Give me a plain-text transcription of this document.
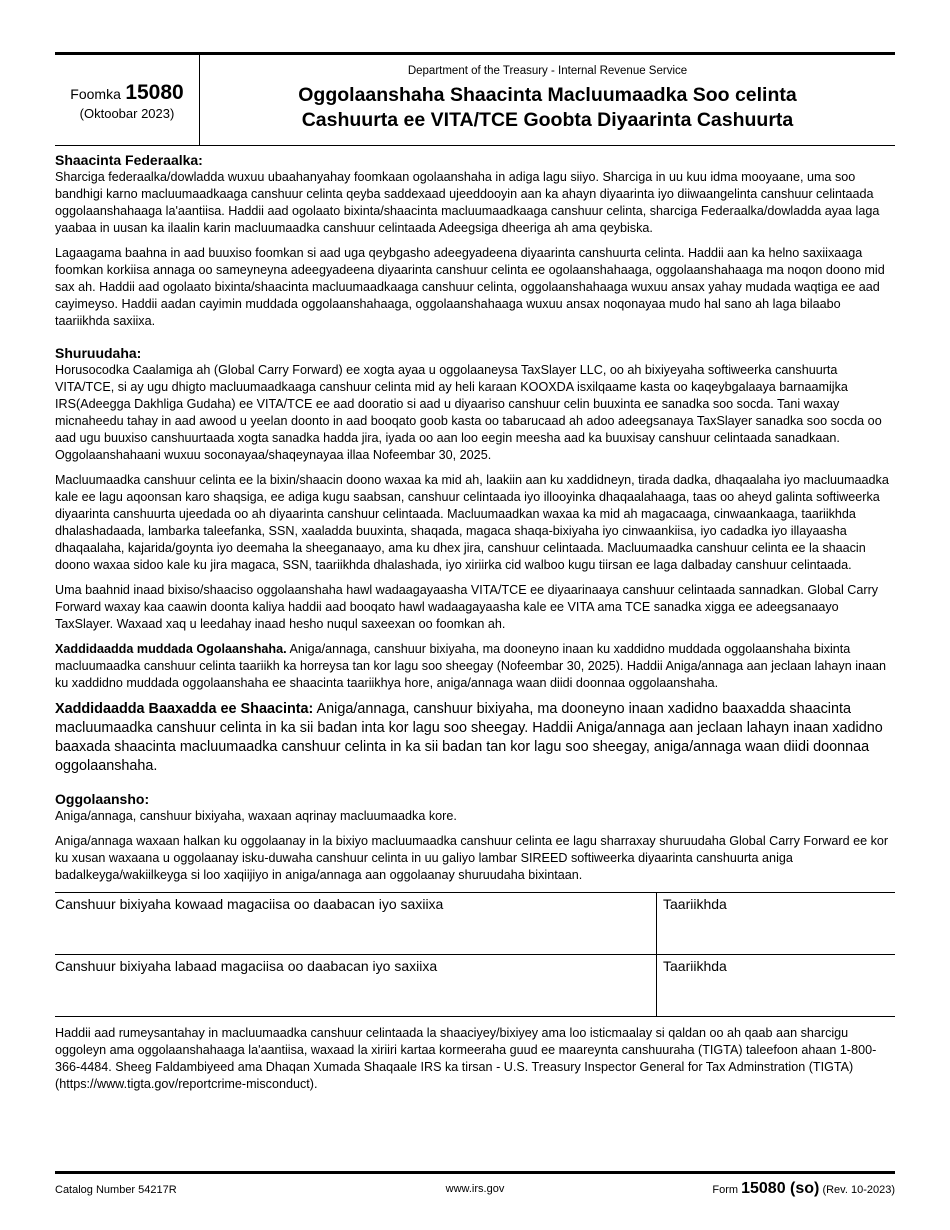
Foomka 15080
(Oktoobar 2023)
Department of the Treasury - Internal Revenue Service
Oggolaanshaha Shaacinta Macluumaadka Soo celinta
Cashuurta ee VITA/TCE Goobta Diyaarinta Cashuurta
Shaacinta Federaalka:

Sharciga federaalka/dowladda wuxuu ubaahanyahay foomkaan ogolaanshaha in adiga lagu siiyo. Sharciga in uu kuu idma mooyaane, uma soo bandhigi karno macluumaadkaaga canshuur celinta qeyba saddexaad ujeeddooyin aan ka ahayn diyaarinta iyo diiwaangelinta canshuur celintaada oggolaanshahaaga la'aantiisa. Haddii aad ogolaato bixinta/shaacinta macluumaadkaaga canshuur celinta, sharciga Federaalka/dowladda ayaa laga yaabaa in uusan ka ilaalin karin macluumaadka canshuur celintaada Adeegsiga dheeriga ah ama qeybiska.

Lagaagama baahna in aad buuxiso foomkan si aad uga qeybgasho adeegyadeena diyaarinta canshuurta celinta. Haddii aan ka helno saxiixaaga foomkan korkiisa annaga oo sameyneyna adeegyadeena diyaarinta canshuur celinta ee ogolaanshahaaga, oggolaanshahaaga ma noqon doono mid sax ah. Haddii aad ogolaato bixinta/shaacinta macluumaadkaaga canshuur celinta, oggolaanshahaaga wuxuu ansax yahay mudada waqtiga ee aad cayimeyso. Haddii aadan cayimin muddada oggolaanshahaaga, oggolaanshahaaga wuxuu ansax noqonayaa mudo hal sano ah laga bilaabo taariikhda saxiixa.

Shuruudaha:

Horusocodka Caalamiga ah (Global Carry Forward) ee xogta ayaa u oggolaaneysa TaxSlayer LLC, oo ah bixiyeyaha softiweerka canshuurta VITA/TCE, si ay ugu dhigto macluumaadkaaga canshuur celinta mid ay heli karaan KOOXDA isxilqaame kasta oo kaqeybgalaaya barnaamijka IRS(Adeegga Dakhliga Gudaha) ee VITA/TCE ee aad dooratio si aad u diyaariso canshuur celin buuxinta ee sanadka soo socda. Tani waxay micnaheedu tahay in aad awood u yeelan doonto in aad booqato goob kasta oo tabarucaad ah adoo adeegsanaya TaxSlayer sanadka soo socda oo aad ugu buuxiso canshuurtaada xogta sanadka hadda jira, iyada oo aan loo eegin meesha aad ka buuxisay canshuur celintaada sanadkaan. Oggolaanshahaani wuxuu soconayaa/shaqeynayaa illaa Nofeembar 30, 2025.

Macluumaadka canshuur celinta ee la bixin/shaacin doono waxaa ka mid ah, laakiin aan ku xaddidneyn, tirada dadka, dhaqaalaha iyo macluumaadka kale ee lagu aqoonsan karo shaqsiga, ee adiga kugu saabsan, canshuur celintaada iyo illooyinka dhaqaalahaaga, taas oo aheyd galinta softiweerka diyaarinta canshuurta ujeedada oo ah diyaarinta canshuur celintaada. Macluumaadkan waxaa ka mid ah magacaaga, cinwaankaaga, taariikhda dhalashadaada, lambarka taleefanka, SSN, xaaladda buuxinta, shaqada, magaca shaqa-bixiyaha iyo cinwaankiisa, iyo cadadka iyo illayaasha dhaqaalaha, kajarida/goynta iyo deemaha la sheeganaayo, ama ku dhex jira, canshuur celintaada. Macluumaadka canshuur celinta ee la shaacin doono waxaa sidoo kale ku jira magaca, SSN, taariikhda dhalashada, iyo xiriirka cid walboo kugu tiirsan ee laga dalbaday canshuur celintaada.

Uma baahnid inaad bixiso/shaaciso oggolaanshaha hawl wadaagayaasha VITA/TCE ee diyaarinaaya canshuur celintaada sannadkan. Global Carry Forward waxay kaa caawin doonta kaliya haddii aad booqato hawl wadaagayaasha kale ee VITA ama TCE sanadka xigga ee adeegsanaayo TaxSlayer. Waxaad xaq u leedahay inaad hesho nuqul saxeexan oo foomkan ah.

Xaddidaadda muddada Ogolaanshaha. Aniga/annaga, canshuur bixiyaha, ma dooneyno inaan ku xaddidno muddada oggolaanshaha bixinta macluumaadka canshuur celinta taariikh ka horreysa tan kor lagu soo sheegay (Nofeembar 30, 2025). Haddii Aniga/annaga aan jeclaan lahayn inaan ku xaddidno muddada oggolaanshaha ee shaacinta taariikhya hore, aniga/annaga waan diidi doonnaa oggolaanshaha.

Xaddidaadda Baaxadda ee Shaacinta: Aniga/annaga, canshuur bixiyaha, ma dooneyno inaan xadidno baaxadda shaacinta macluumaadka canshuur celinta in ka sii badan inta kor lagu soo sheegay. Haddii Aniga/annaga aan jeclaan lahayn inaan xadidno baaxada shaacinta macluumaadka canshuur celinta in ka sii badan tan kor lagu soo sheegay, aniga/annaga waan diidi doonnaa oggolaanshaha.

Oggolaansho:

Aniga/annaga, canshuur bixiyaha, waxaan aqrinay macluumaadka kore.

Aniga/annaga waxaan halkan ku oggolaanay in la bixiyo macluumaadka canshuur celinta ee lagu sharraxay shuruudaha Global Carry Forward ee kor ku xusan waxaana u oggolaanay isku-duwaha canshuur celinta in uu galiyo lambar SIREED softiweerka diyaarinta canshuurta aniga badalkeyga/wakiilkeyga si loo xaqiijiyo in aniga/annaga aan oggolaanay shuruudaha bixintaan.

Canshuur bixiyaha kowaad magaciisa oo daabacan iyo saxiixa	Taariikhda
Canshuur bixiyaha labaad magaciisa oo daabacan iyo saxiixa	Taariikhda

Haddii aad rumeysantahay in macluumaadka canshuur celintaada la shaaciyey/bixiyey ama loo isticmaalay si qaldan oo ah qaab aan sharcigu oggoleyn ama oggolaanshahaaga la'aantiisa, waxaad la xiriiri kartaa kormeeraha guud ee maareynta canshuuraha (TIGTA) taleefoon ahaan 1-800-366-4484. Sheeg Faldambiyeed ama Dhaqan Xumada Shaqaale IRS ka tirsan - U.S. Treasury Inspector General for Tax Adminstration (TIGTA) (https://www.tigta.gov/reportcrime-misconduct).

Catalog Number 54217R	www.irs.gov	Form 15080 (so) (Rev. 10-2023)
